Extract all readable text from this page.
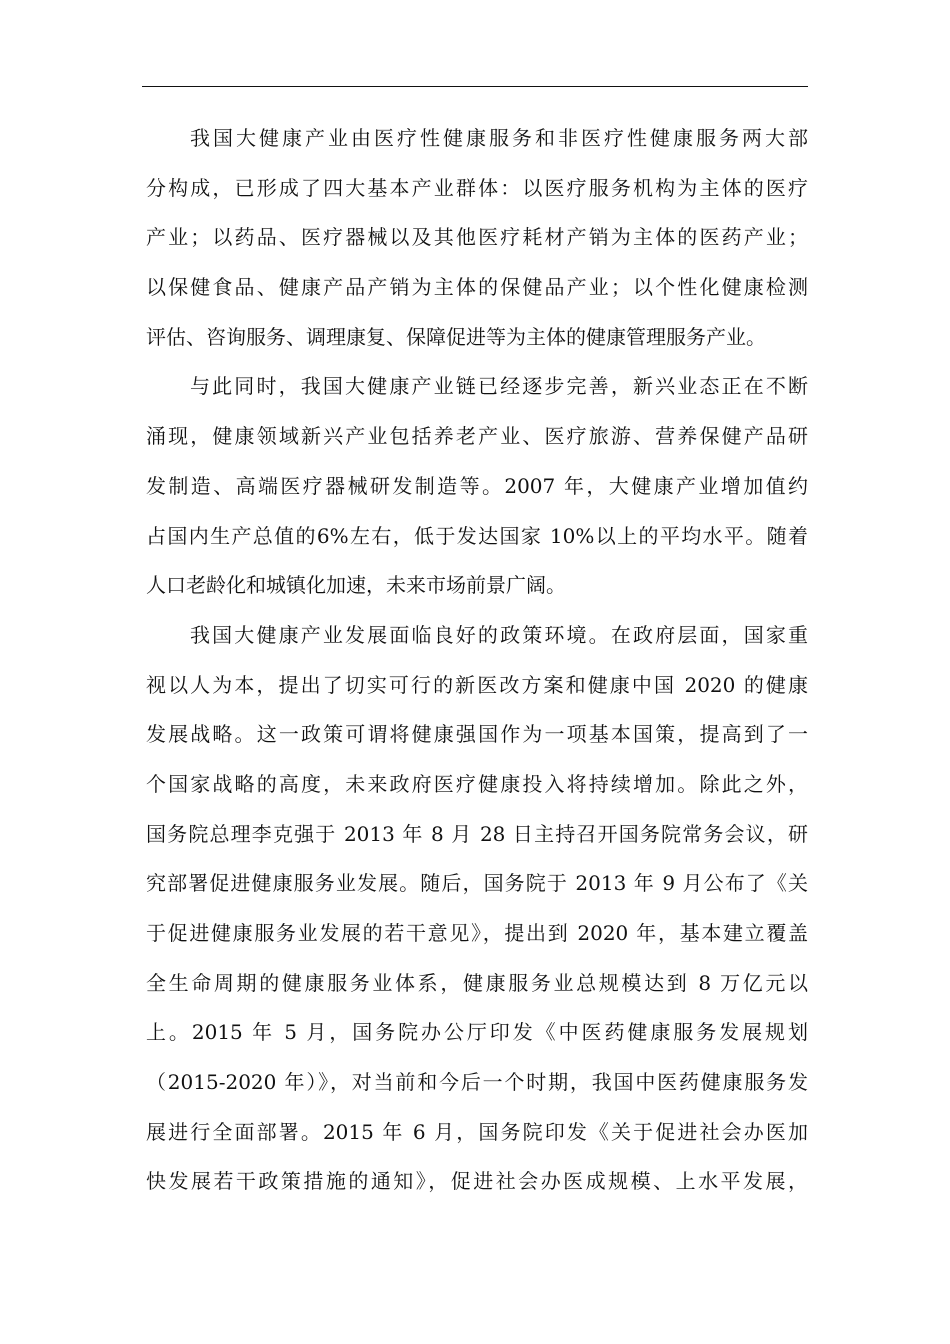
我国大健康产业由医疗性健康服务和非医疗性健康服务两大部
分构成，已形成了四大基本产业群体：以医疗服务机构为主体的医疗
产业；以药品、医疗器械以及其他医疗耗材产销为主体的医药产业；
以保健食品、健康产品产销为主体的保健品产业；以个性化健康检测
评估、咨询服务、调理康复、保障促进等为主体的健康管理服务产业。
与此同时，我国大健康产业链已经逐步完善，新兴业态正在不断
涌现，健康领域新兴产业包括养老产业、医疗旅游、营养保健产品研
发制造、高端医疗器械研发制造等。2007 年，大健康产业增加值约
占国内生产总值的6%左右，低于发达国家 10%以上的平均水平。随着
人口老龄化和城镇化加速，未来市场前景广阔。
我国大健康产业发展面临良好的政策环境。在政府层面，国家重
视以人为本，提出了切实可行的新医改方案和健康中国 2020 的健康
发展战略。这一政策可谓将健康强国作为一项基本国策，提高到了一
个国家战略的高度，未来政府医疗健康投入将持续增加。除此之外，
国务院总理李克强于 2013 年 8 月 28 日主持召开国务院常务会议，研
究部署促进健康服务业发展。随后，国务院于 2013 年 9 月公布了《关
于促进健康服务业发展的若干意见》，提出到 2020 年，基本建立覆盖
全生命周期的健康服务业体系，健康服务业总规模达到 8 万亿元以
上。2015 年 5 月，国务院办公厅印发《中医药健康服务发展规划
（2015-2020 年）》，对当前和今后一个时期，我国中医药健康服务发
展进行全面部署。2015 年 6 月，国务院印发《关于促进社会办医加
快发展若干政策措施的通知》，促进社会办医成规模、上水平发展，
